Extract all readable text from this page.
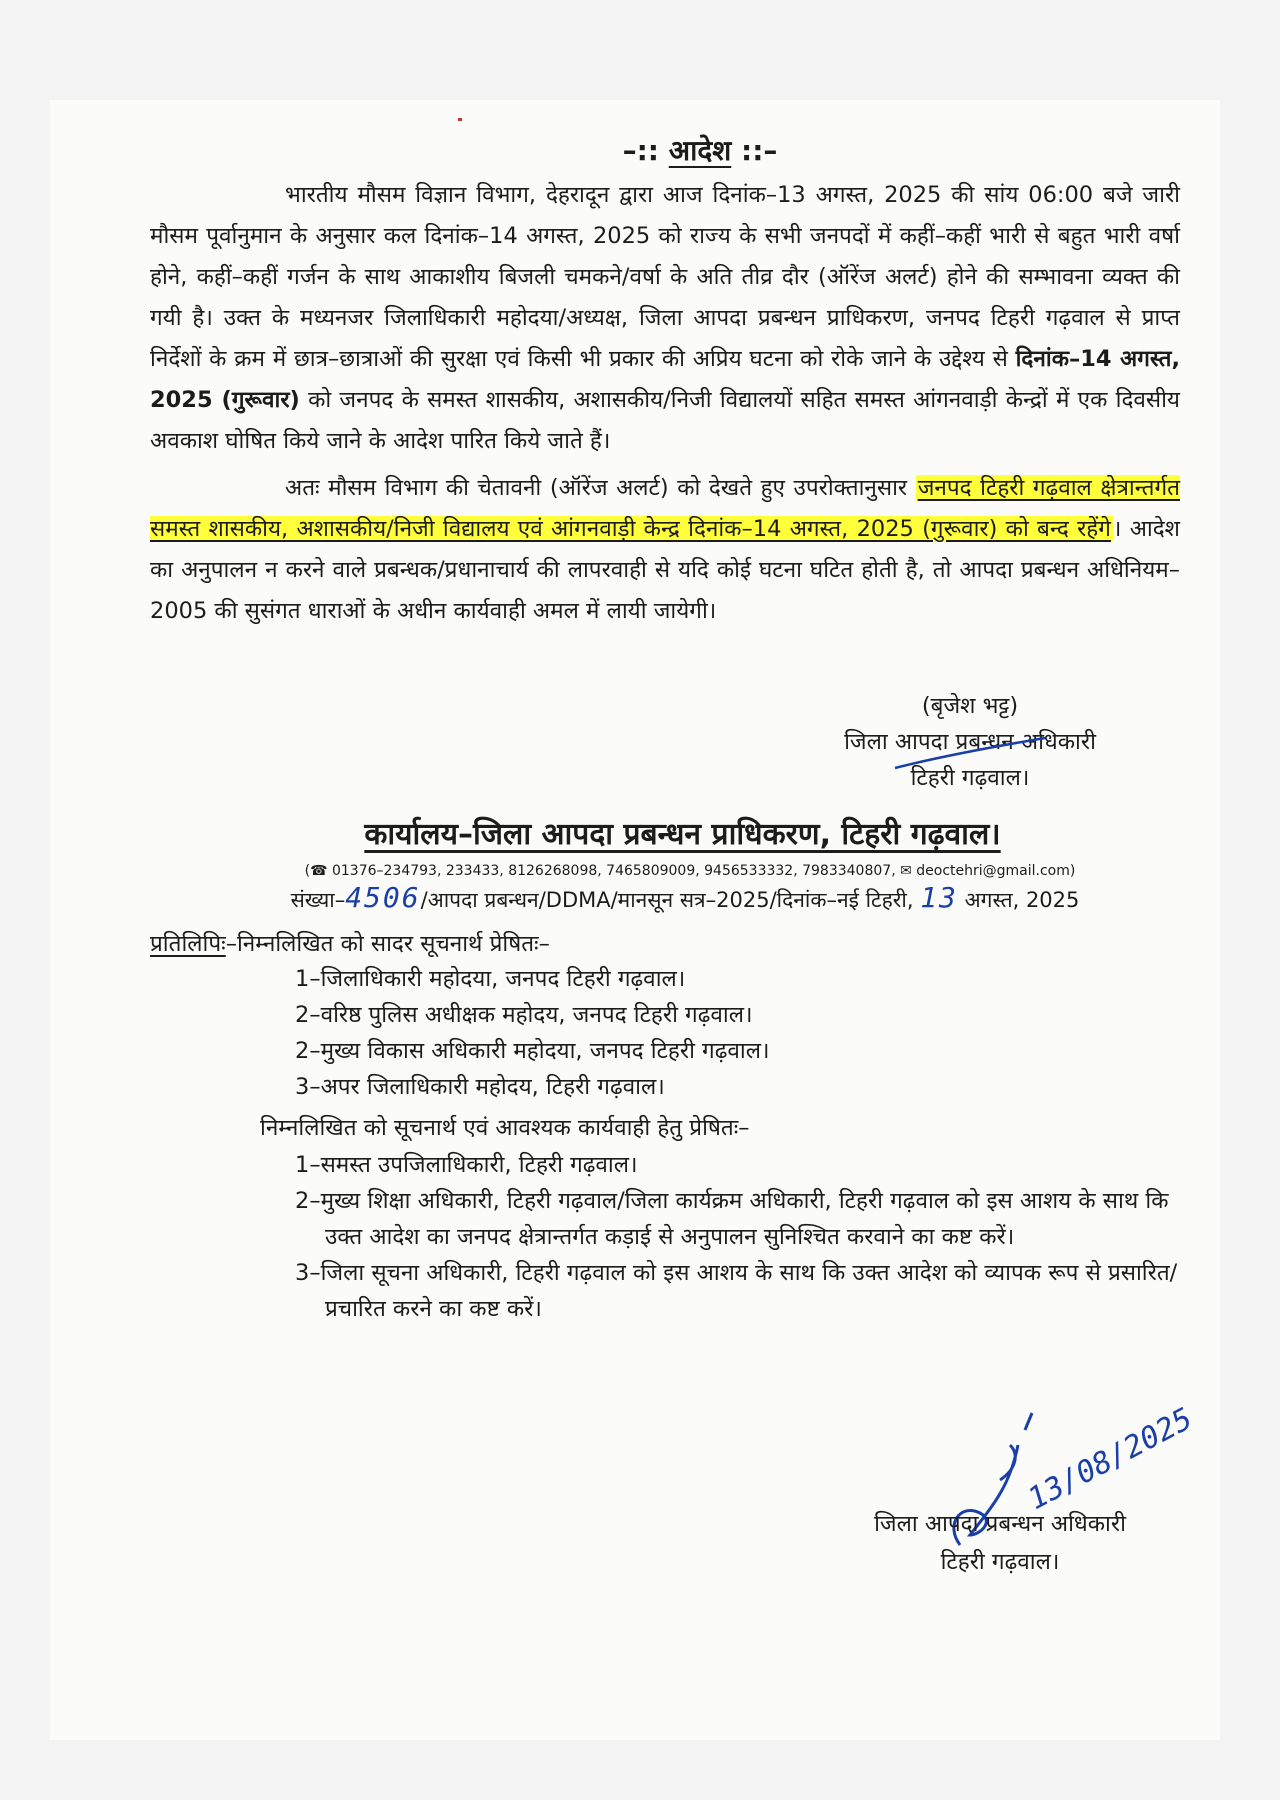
–:: आदेश ::–

भारतीय मौसम विज्ञान विभाग, देहरादून द्वारा आज दिनांक–13 अगस्त, 2025 की सांय 06:00 बजे जारी मौसम पूर्वानुमान के अनुसार कल दिनांक–14 अगस्त, 2025 को राज्य के सभी जनपदों में कहीं–कहीं भारी से बहुत भारी वर्षा होने, कहीं–कहीं गर्जन के साथ आकाशीय बिजली चमकने/वर्षा के अति तीव्र दौर (ऑरेंज अलर्ट) होने की सम्भावना व्यक्त की गयी है। उक्त के मध्यनजर जिलाधिकारी महोदया/अध्यक्ष, जिला आपदा प्रबन्धन प्राधिकरण, जनपद टिहरी गढ़वाल से प्राप्त निर्देशों के क्रम में छात्र–छात्राओं की सुरक्षा एवं किसी भी प्रकार की अप्रिय घटना को रोके जाने के उद्देश्य से दिनांक–14 अगस्त, 2025 (गुरूवार) को जनपद के समस्त शासकीय, अशासकीय/निजी विद्यालयों सहित समस्त आंगनवाड़ी केन्द्रों में एक दिवसीय अवकाश घोषित किये जाने के आदेश पारित किये जाते हैं।

अतः मौसम विभाग की चेतावनी (ऑरेंज अलर्ट) को देखते हुए उपरोक्तानुसार जनपद टिहरी गढ़वाल क्षेत्रान्तर्गत समस्त शासकीय, अशासकीय/निजी विद्यालय एवं आंगनवाड़ी केन्द्र दिनांक–14 अगस्त, 2025 (गुरूवार) को बन्द रहेंगे। आदेश का अनुपालन न करने वाले प्रबन्धक/प्रधानाचार्य की लापरवाही से यदि कोई घटना घटित होती है, तो आपदा प्रबन्धन अधिनियम–2005 की सुसंगत धाराओं के अधीन कार्यवाही अमल में लायी जायेगी।

(बृजेश भट्ट)
जिला आपदा प्रबन्धन अधिकारी
टिहरी गढ़वाल।
कार्यालय–जिला आपदा प्रबन्धन प्राधिकरण, टिहरी गढ़वाल।
(☎ 01376–234793, 233433, 8126268098, 7465809009, 9456533332, 7983340807, ✉ deoctehri@gmail.com)
संख्या–4506/आपदा प्रबन्धन/DDMA/मानसून सत्र–2025/दिनांक–नई टिहरी, 13 अगस्त, 2025
प्रतिलिपिः–निम्नलिखित को सादर सूचनार्थ प्रेषितः–
1–जिलाधिकारी महोदया, जनपद टिहरी गढ़वाल।
2–वरिष्ठ पुलिस अधीक्षक महोदय, जनपद टिहरी गढ़वाल।
2–मुख्य विकास अधिकारी महोदया, जनपद टिहरी गढ़वाल।
3–अपर जिलाधिकारी महोदय, टिहरी गढ़वाल।
निम्नलिखित को सूचनार्थ एवं आवश्यक कार्यवाही हेतु प्रेषितः–
1–समस्त उपजिलाधिकारी, टिहरी गढ़वाल।
2–मुख्य शिक्षा अधिकारी, टिहरी गढ़वाल/जिला कार्यक्रम अधिकारी, टिहरी गढ़वाल को इस आशय के साथ कि उक्त आदेश का जनपद क्षेत्रान्तर्गत कड़ाई से अनुपालन सुनिश्चित करवाने का कष्ट करें।
3–जिला सूचना अधिकारी, टिहरी गढ़वाल को इस आशय के साथ कि उक्त आदेश को व्यापक रूप से प्रसारित/प्रचारित करने का कष्ट करें।
13/08/2025
जिला आपदा प्रबन्धन अधिकारी
टिहरी गढ़वाल।
